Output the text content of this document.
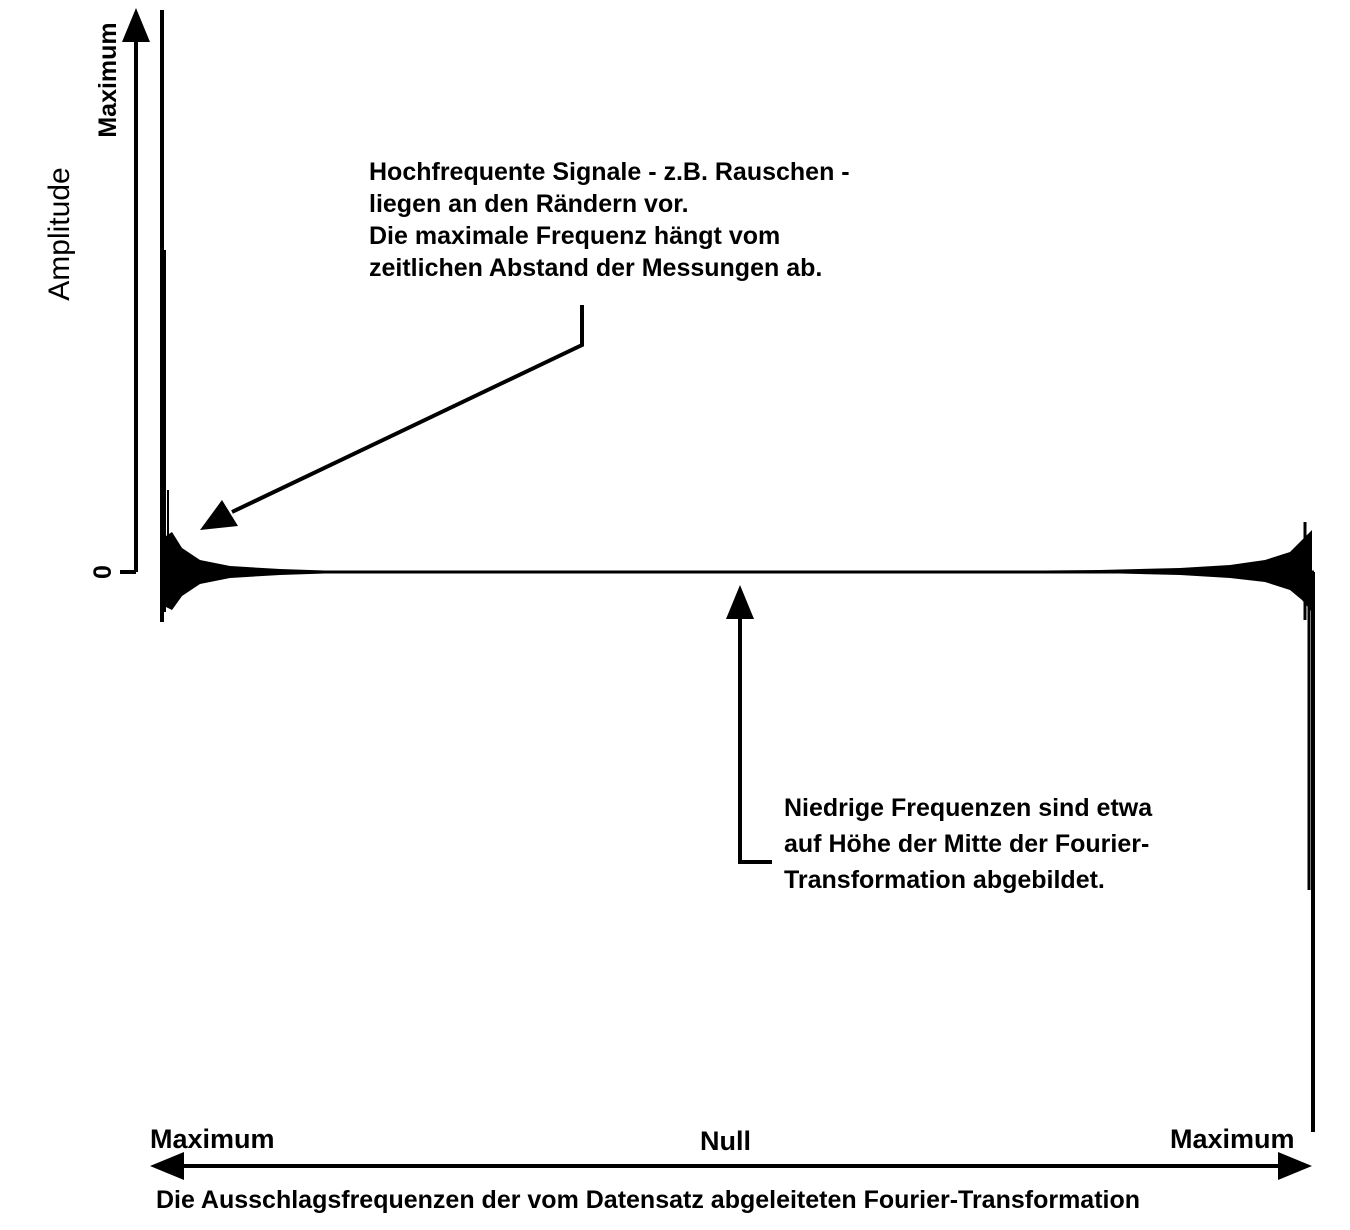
Maximum
0
Amplitude	Hochfrequente Signale - z.B. Rauschen -
liegen an den Rändern vor.
Die maximale Frequenz hängt vom
zeitlichen Abstand der Messungen ab.
Niedrige Frequenzen sind etwa
auf Höhe der Mitte der Fourier-
Transformation abgebildet.
Maximum	Null	Maximum
Die Ausschlagsfrequenzen der vom Datensatz abgeleiteten Fourier-Transformation
